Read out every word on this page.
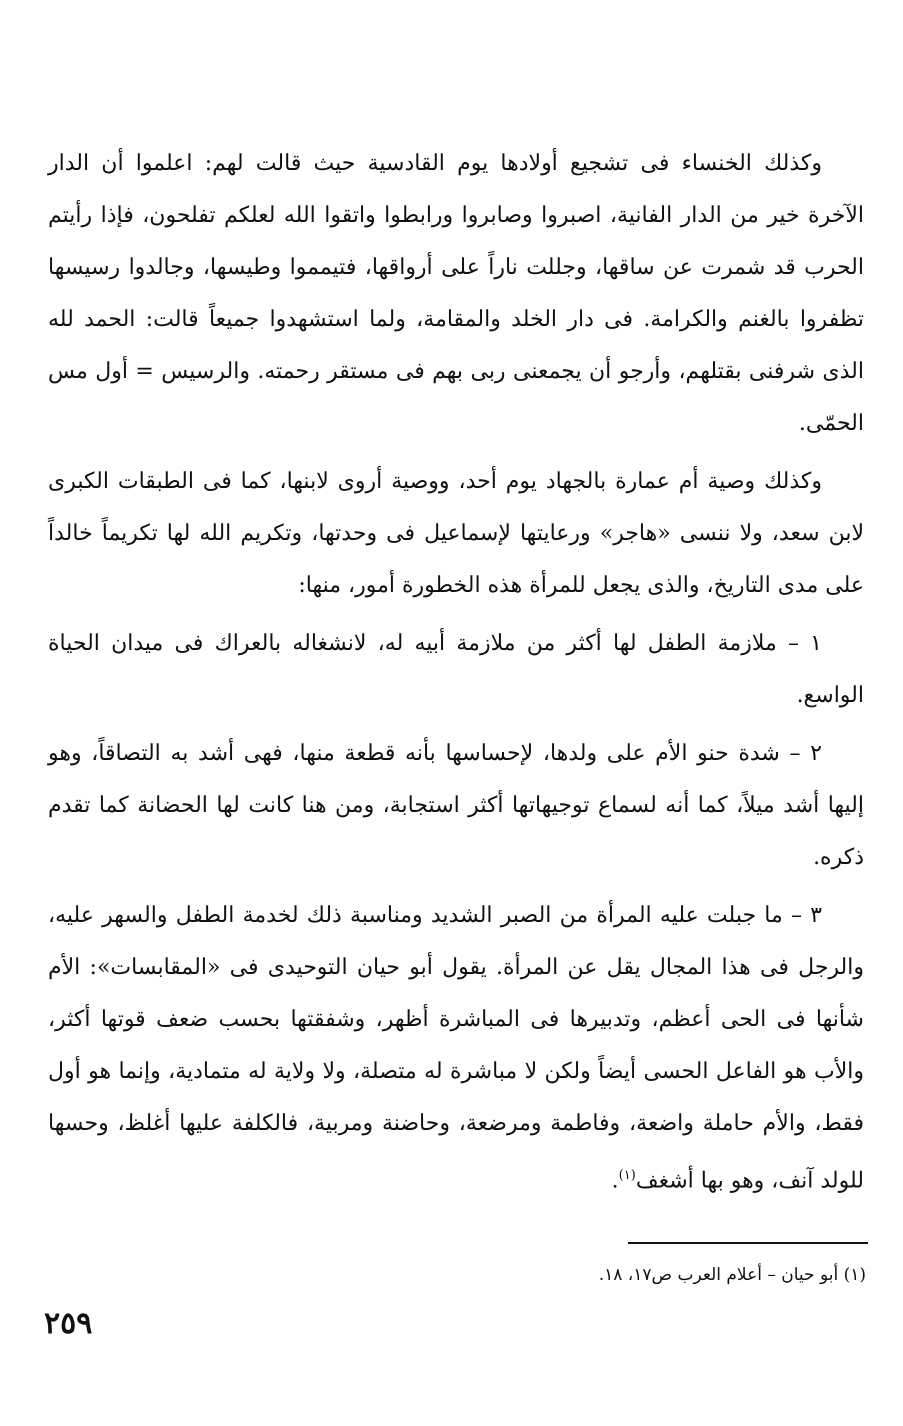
وكذلك الخنساء فى تشجيع أولادها يوم القادسية حيث قالت لهم: اعلموا أن الدار الآخرة خير من الدار الفانية، اصبروا وصابروا ورابطوا واتقوا الله لعلكم تفلحون، فإذا رأيتم الحرب قد شمرت عن ساقها، وجللت ناراً على أرواقها، فتيمموا وطيسها، وجالدوا رسيسها تظفروا بالغنم والكرامة. فى دار الخلد والمقامة، ولما استشهدوا جميعاً قالت: الحمد لله الذى شرفنى بقتلهم، وأرجو أن يجمعنى ربى بهم فى مستقر رحمته. والرسيس = أول مس الحمّى.

وكذلك وصية أم عمارة بالجهاد يوم أحد، ووصية أروى لابنها، كما فى الطبقات الكبرى لابن سعد، ولا ننسى «هاجر» ورعايتها لإسماعيل فى وحدتها، وتكريم الله لها تكريماً خالداً على مدى التاريخ، والذى يجعل للمرأة هذه الخطورة أمور، منها:

١ – ملازمة الطفل لها أكثر من ملازمة أبيه له، لانشغاله بالعراك فى ميدان الحياة الواسع.

٢ – شدة حنو الأم على ولدها، لإحساسها بأنه قطعة منها، فهى أشد به التصاقاً، وهو إليها أشد ميلاً، كما أنه لسماع توجيهاتها أكثر استجابة، ومن هنا كانت لها الحضانة كما تقدم ذكره.

٣ – ما جبلت عليه المرأة من الصبر الشديد ومناسبة ذلك لخدمة الطفل والسهر عليه، والرجل فى هذا المجال يقل عن المرأة. يقول أبو حيان التوحيدى فى «المقابسات»: الأم شأنها فى الحى أعظم، وتدبيرها فى المباشرة أظهر، وشفقتها بحسب ضعف قوتها أكثر، والأب هو الفاعل الحسى أيضاً ولكن لا مباشرة له متصلة، ولا ولاية له متمادية، وإنما هو أول فقط، والأم حاملة واضعة، وفاطمة ومرضعة، وحاضنة ومربية، فالكلفة عليها أغلظ، وحسها للولد آنف، وهو بها أشغف$^{(١)}$.

(١) أبو حيان – أعلام العرب ص١٧، ١٨.
٢٥٩
